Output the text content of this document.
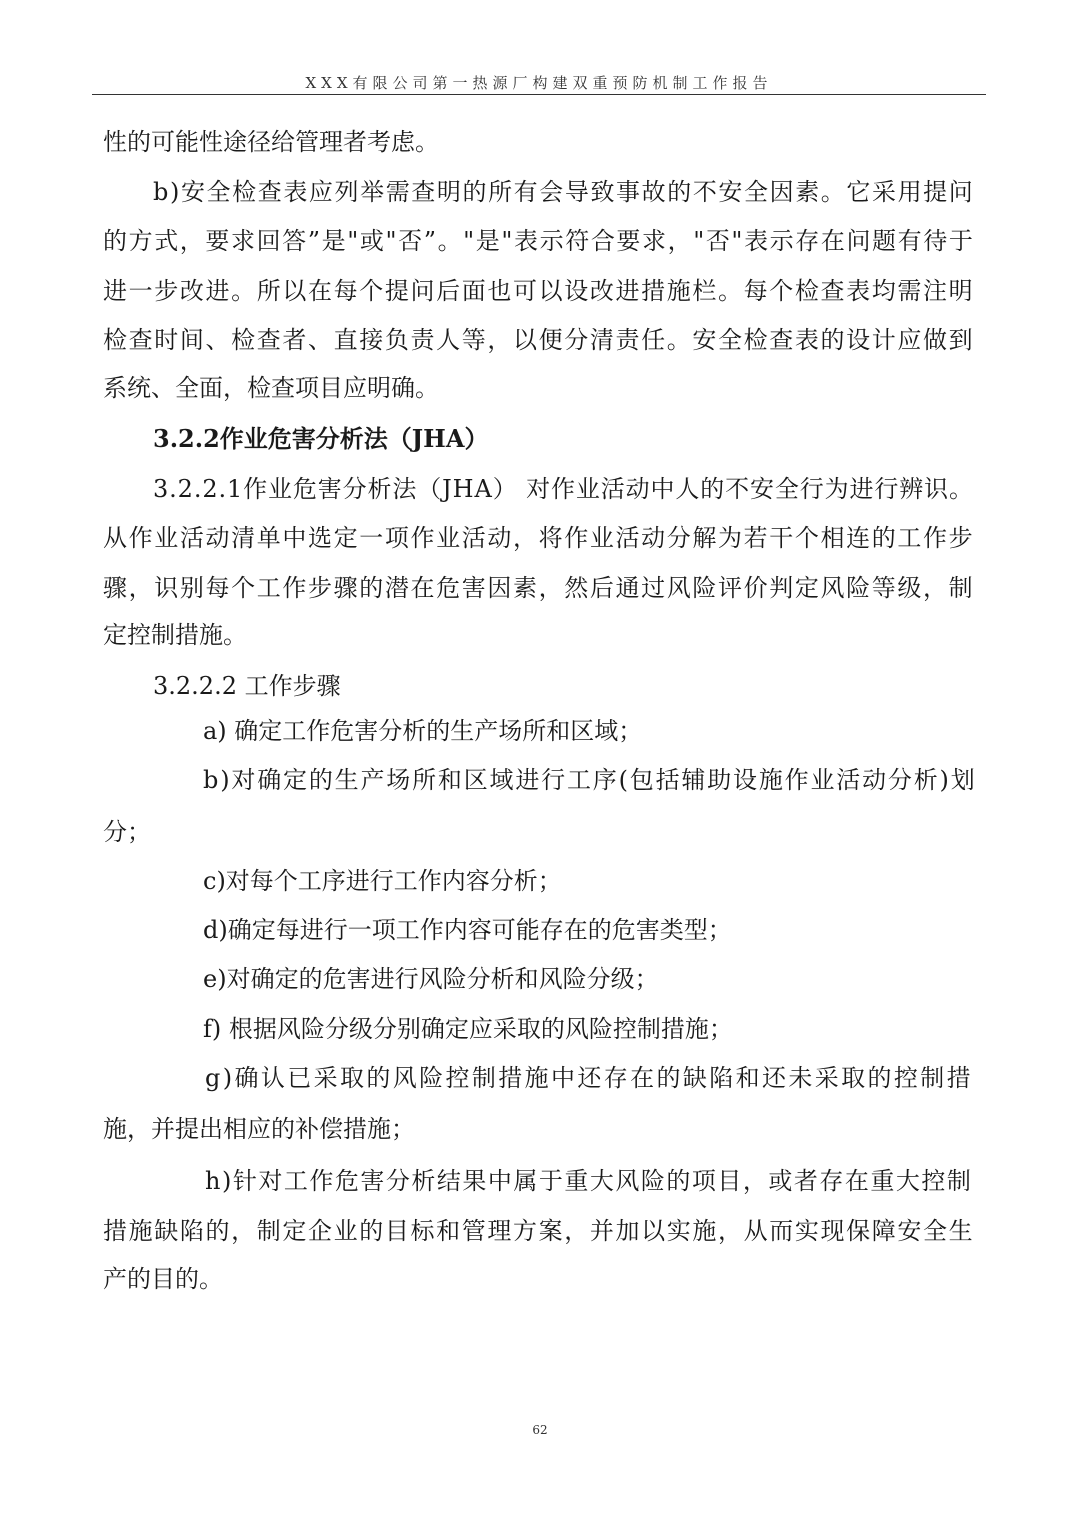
XXX有限公司第一热源厂构建双重预防机制工作报告
性的可能性途径给管理者考虑。
b ) 安 全 检 查 表 应 列 举 需 查 明 的 所 有 会 导 致 事 故 的 不 安 全 因 素 。 它 采 用 提 问
的 方 式 ， 要 求 回 答 ” 是 " 或 " 否 ” 。 " 是 " 表 示 符 合 要 求 ， " 否 " 表 示 存 在 问 题 有 待 于
进 一 步 改 进 。 所 以 在 每 个 提 问 后 面 也 可 以 设 改 进 措 施 栏 。 每 个 检 查 表 均 需 注 明
检 查 时 间 、 检 查 者 、 直 接 负 责 人 等 ， 以 便 分 清 责 任 。 安 全 检 查 表 的 设 计 应 做 到
系统、全面，检查项目应明确。
3.2.2作业危害分析法（JHA）
3 . 2 . 2 . 1 作 业 危 害 分 析 法 （ J H A ）
对 作 业 活 动 中 人 的 不 安 全 行 为 进 行 辨 识 。
从 作 业 活 动 清 单 中 选 定 一 项 作 业 活 动 ， 将 作 业 活 动 分 解 为 若 干 个 相 连 的 工 作 步
骤 ， 识 别 每 个 工 作 步 骤 的 潜 在 危 害 因 素 ， 然 后 通 过 风 险 评 价 判 定 风 险 等 级 ， 制
定控制措施。
3.2.2.2 工作步骤
a) 确定工作危害分析的生产场所和区域；
b ) 对 确 定 的 生 产 场 所 和 区 域 进 行 工 序 ( 包 括 辅 助 设 施 作 业 活 动 分 析 ) 划
分；
c)对每个工序进行工作内容分析；
d)确定每进行一项工作内容可能存在的危害类型；
e)对确定的危害进行风险分析和风险分级；
f) 根据风险分级分别确定应采取的风险控制措施；
g ) 确 认 已 采 取 的 风 险 控 制 措 施 中 还 存 在 的 缺 陷 和 还 未 采 取 的 控 制 措
施，并提出相应的补偿措施；
h ) 针 对 工 作 危 害 分 析 结 果 中 属 于 重 大 风 险 的 项 目 ， 或 者 存 在 重 大 控 制
措 施 缺 陷 的 ， 制 定 企 业 的 目 标 和 管 理 方 案 ， 并 加 以 实 施 ， 从 而 实 现 保 障 安 全 生
产的目的。
62
